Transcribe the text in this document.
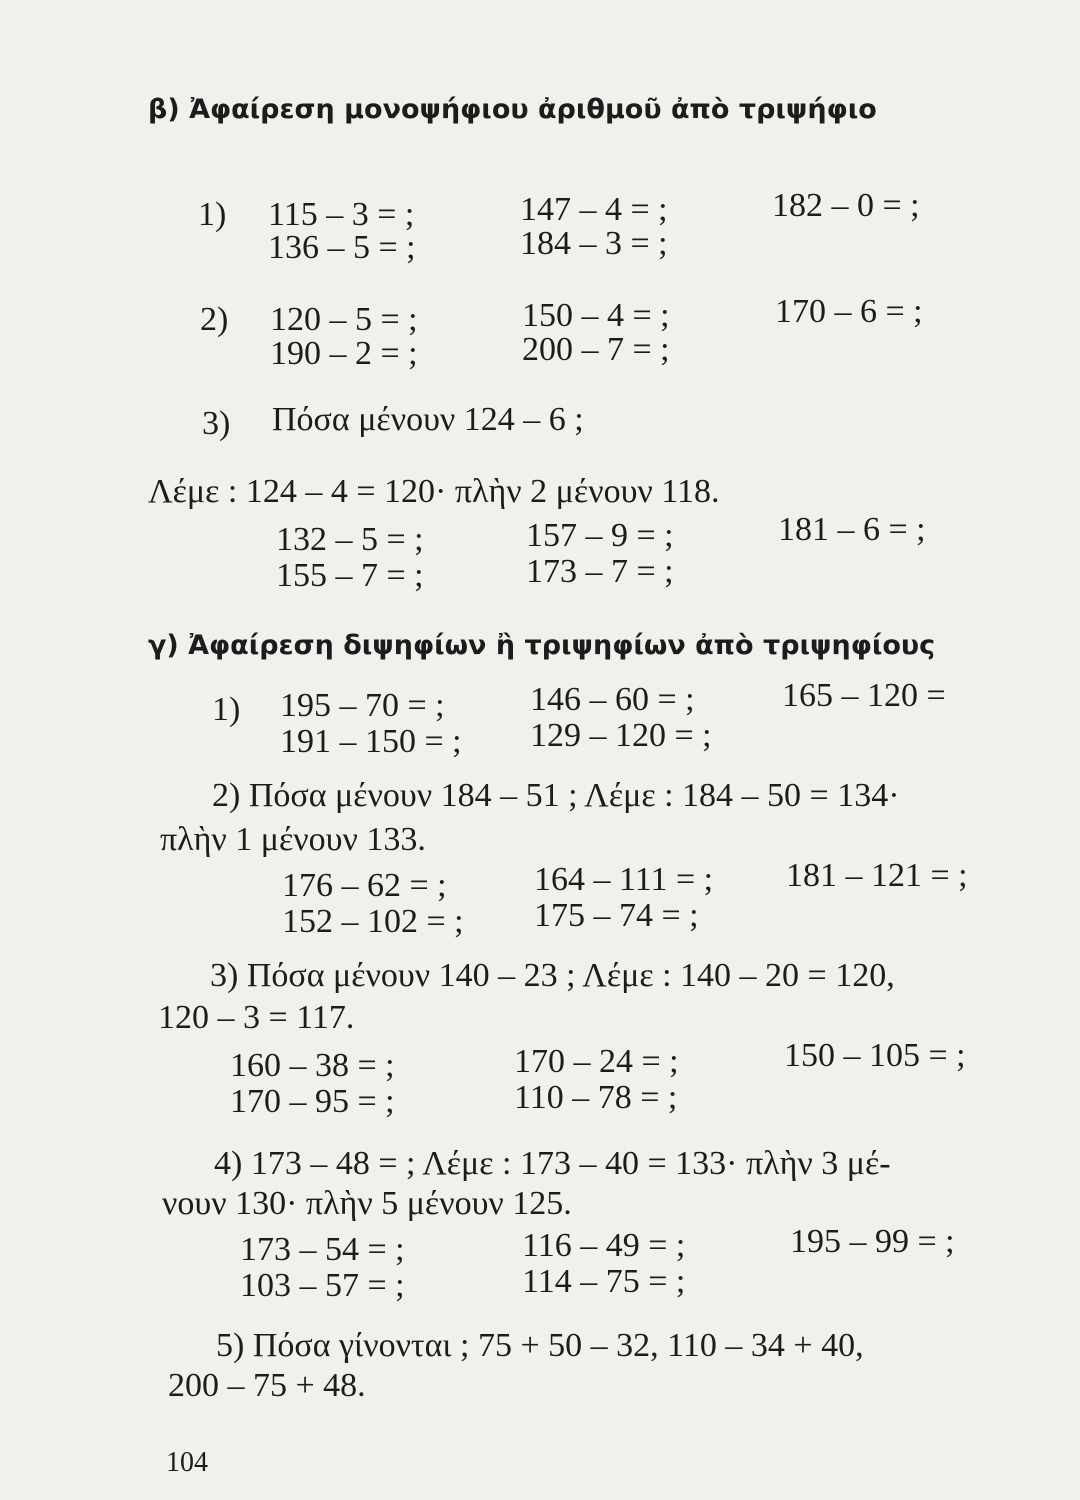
β) Ἀφαίρεση μονοψήφιου ἀριθμοῦ ἀπὸ τριψήφιο
1) 115 – 3 = ;	147 – 4 = ;	182 – 0 = ;
136 – 5 = ;	184 – 3 = ;
2) 120 – 5 = ;	150 – 4 = ;	170 – 6 = ;
190 – 2 = ;	200 – 7 = ;
3) Πόσα μένουν 124 – 6 ;
Λέμε : 124 – 4 = 120· πλὴν 2 μένουν 118.
132 – 5 = ;	157 – 9 = ;	181 – 6 = ;
155 – 7 = ;	173 – 7 = ;
γ) Ἀφαίρεση διψηφίων ἢ τριψηφίων ἀπὸ τριψηφίους
1) 195 – 70 = ;	146 – 60 = ;	165 – 120 =
191 – 150 = ; 129 – 120 = ;
2) Πόσα μένουν 184 – 51 ; Λέμε : 184 – 50 = 134·
πλὴν 1 μένουν 133.
176 – 62 = ;	164 – 111 = ; 181 – 121 = ;
152 – 102 = ; 175 – 74 = ;
3) Πόσα μένουν 140 – 23 ; Λέμε : 140 – 20 = 120,
120 – 3 = 117.
160 – 38 = ;	170 – 24 = ;	150 – 105 = ;
170 – 95 = ;	110 – 78 = ;
4) 173 – 48 = ; Λέμε : 173 – 40 = 133· πλὴν 3 μέ-
νουν 130· πλὴν 5 μένουν 125.
173 – 54 = ;	116 – 49 = ;	195 – 99 = ;
103 – 57 = ;	114 – 75 = ;
5) Πόσα γίνονται ; 75 + 50 – 32, 110 – 34 + 40,
200 – 75 + 48.
104
